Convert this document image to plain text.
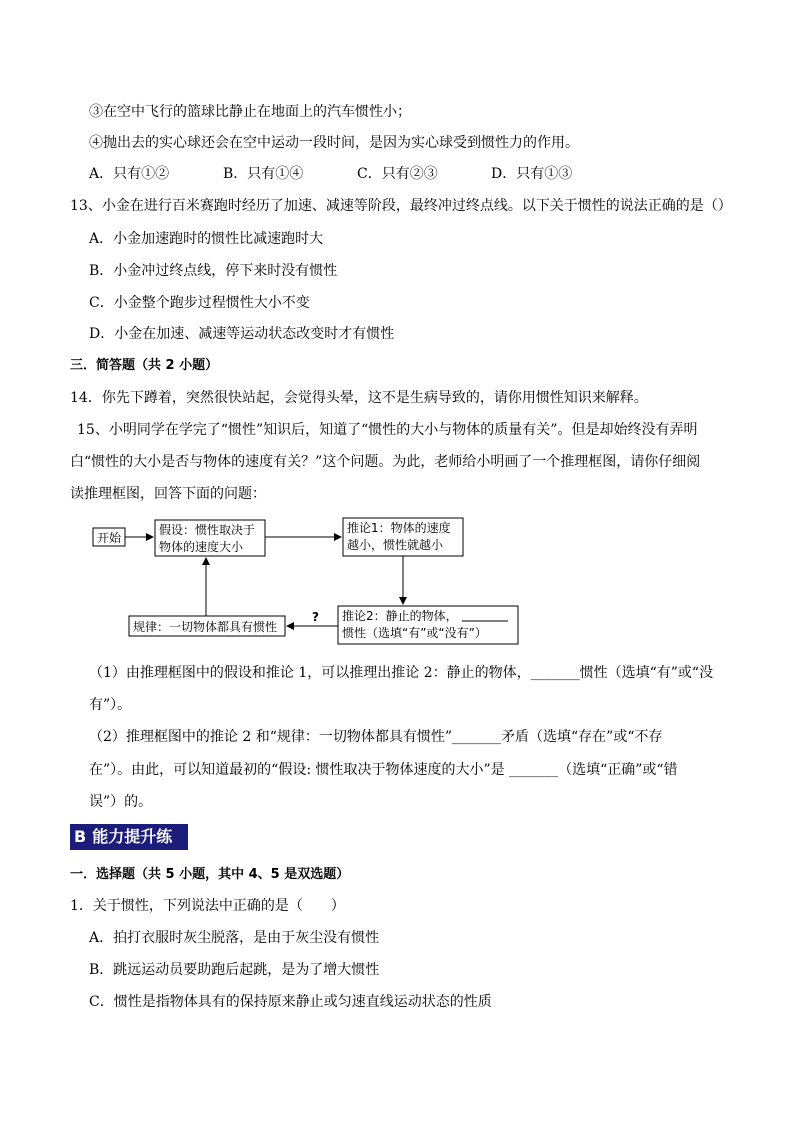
③在空中飞行的篮球比静止在地面上的汽车惯性小；
④抛出去的实心球还会在空中运动一段时间，是因为实心球受到惯性力的作用。
A．只有①②	B．只有①④	C．只有②③	D．只有①③
13、小金在进行百米赛跑时经历了加速、减速等阶段，最终冲过终点线。以下关于惯性的说法正确的是（）
A．小金加速跑时的惯性比减速跑时大
B．小金冲过终点线，停下来时没有惯性
C．小金整个跑步过程惯性大小不变
D．小金在加速、减速等运动状态改变时才有惯性
三．简答题（共 2 小题）
14．你先下蹲着，突然很快站起，会觉得头晕，这不是生病导致的，请你用惯性知识来解释。
15、小明同学在学完了“惯性”知识后，知道了“惯性的大小与物体的质量有关”。但是却始终没有弄明
白“惯性的大小是否与物体的速度有关？”这个问题。为此，老师给小明画了一个推理框图，请你仔细阅
读推理框图，回答下面的问题：
开始
假设：惯性取决于
物体的速度大小
推论1：物体的速度
越小，惯性就越小
推论2：静止的物体，
惯性（选填“有”或“没有”）
规律：一切物体都具有惯性
?
（1）由推理框图中的假设和推论 1，可以推理出推论 2：静止的物体，_______惯性（选填“有”或“没
有”）。
（2）推理框图中的推论 2 和“规律：一切物体都具有惯性”_______矛盾（选填“存在”或“不存
在”）。由此，可以知道最初的“假设: 惯性取决于物体速度的大小”是 _______（选填“正确”或“错
误”）的。
B 能力提升练
一．选择题（共 5 小题，其中 4、5 是双选题）
1．关于惯性，下列说法中正确的是（　　）
A．拍打衣服时灰尘脱落，是由于灰尘没有惯性
B．跳远运动员要助跑后起跳，是为了增大惯性
C．惯性是指物体具有的保持原来静止或匀速直线运动状态的性质
